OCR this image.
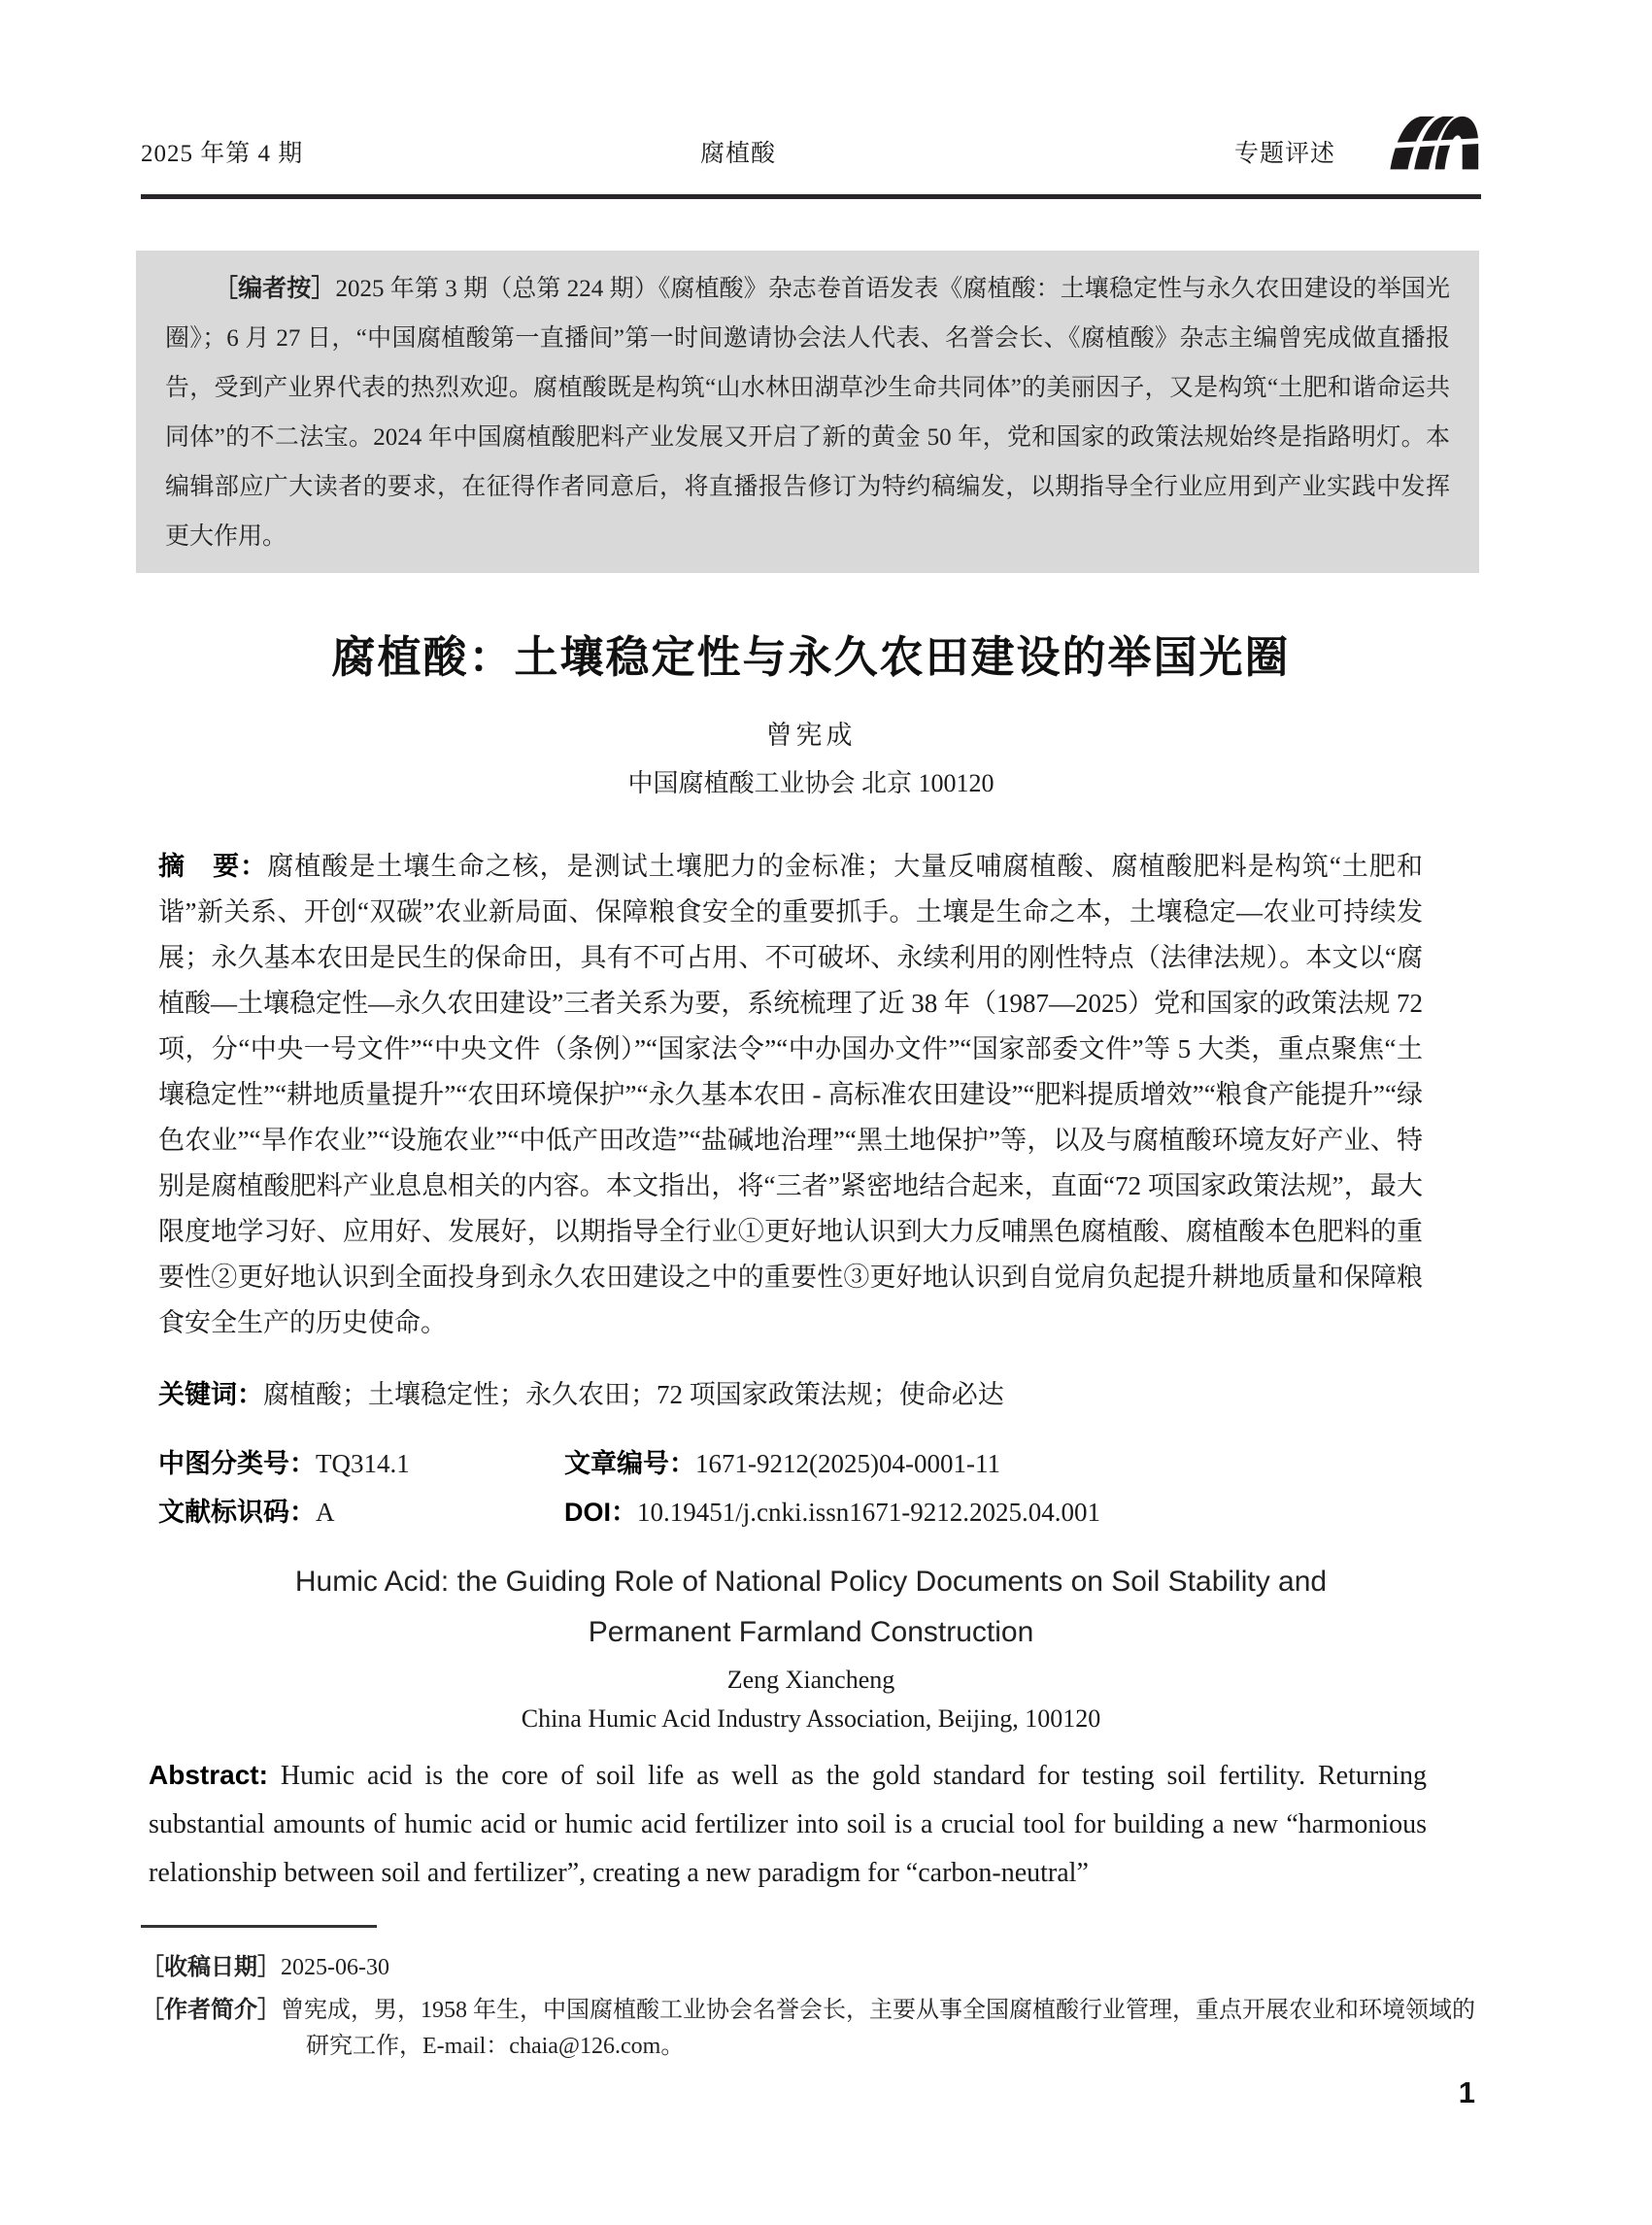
2025 年第 4 期	腐植酸	专题评述
［编者按］2025 年第 3 期（总第 224 期）《腐植酸》杂志卷首语发表《腐植酸：土壤稳定性与永久农田建设的举国光圈》；6 月 27 日，“中国腐植酸第一直播间”第一时间邀请协会法人代表、名誉会长、《腐植酸》杂志主编曾宪成做直播报告，受到产业界代表的热烈欢迎。腐植酸既是构筑“山水林田湖草沙生命共同体”的美丽因子，又是构筑“土肥和谐命运共同体”的不二法宝。2024 年中国腐植酸肥料产业发展又开启了新的黄金 50 年，党和国家的政策法规始终是指路明灯。本编辑部应广大读者的要求，在征得作者同意后，将直播报告修订为特约稿编发，以期指导全行业应用到产业实践中发挥更大作用。
腐植酸：土壤稳定性与永久农田建设的举国光圈
曾宪成
中国腐植酸工业协会 北京 100120

摘　要：腐植酸是土壤生命之核，是测试土壤肥力的金标准；大量反哺腐植酸、腐植酸肥料是构筑“土肥和谐”新关系、开创“双碳”农业新局面、保障粮食安全的重要抓手。土壤是生命之本，土壤稳定—农业可持续发展；永久基本农田是民生的保命田，具有不可占用、不可破坏、永续利用的刚性特点（法律法规）。本文以“腐植酸—土壤稳定性—永久农田建设”三者关系为要，系统梳理了近 38 年（1987—2025）党和国家的政策法规 72 项，分“中央一号文件”“中央文件（条例）”“国家法令”“中办国办文件”“国家部委文件”等 5 大类，重点聚焦“土壤稳定性”“耕地质量提升”“农田环境保护”“永久基本农田 - 高标准农田建设”“肥料提质增效”“粮食产能提升”“绿色农业”“旱作农业”“设施农业”“中低产田改造”“盐碱地治理”“黑土地保护”等，以及与腐植酸环境友好产业、特别是腐植酸肥料产业息息相关的内容。本文指出，将“三者”紧密地结合起来，直面“72 项国家政策法规”，最大限度地学习好、应用好、发展好，以期指导全行业①更好地认识到大力反哺黑色腐植酸、腐植酸本色肥料的重要性②更好地认识到全面投身到永久农田建设之中的重要性③更好地认识到自觉肩负起提升耕地质量和保障粮食安全生产的历史使命。

关键词：腐植酸；土壤稳定性；永久农田；72 项国家政策法规；使命必达

中图分类号：TQ314.1	文章编号：1671-9212(2025)04-0001-11
文献标识码：A	DOI：10.19451/j.cnki.issn1671-9212.2025.04.001
Humic Acid: the Guiding Role of National Policy Documents on Soil Stability and
Permanent Farmland Construction
Zeng Xiancheng
China Humic Acid Industry Association, Beijing, 100120

Abstract: Humic acid is the core of soil life as well as the gold standard for testing soil fertility. Returning substantial amounts of humic acid or humic acid fertilizer into soil is a crucial tool for building a new “harmonious relationship between soil and fertilizer”, creating a new paradigm for “carbon-neutral”

［收稿日期］2025-06-30

［作者简介］曾宪成，男，1958 年生，中国腐植酸工业协会名誉会长，主要从事全国腐植酸行业管理，重点开展农业和环境领域的研究工作，E-mail：chaia@126.com。

1
